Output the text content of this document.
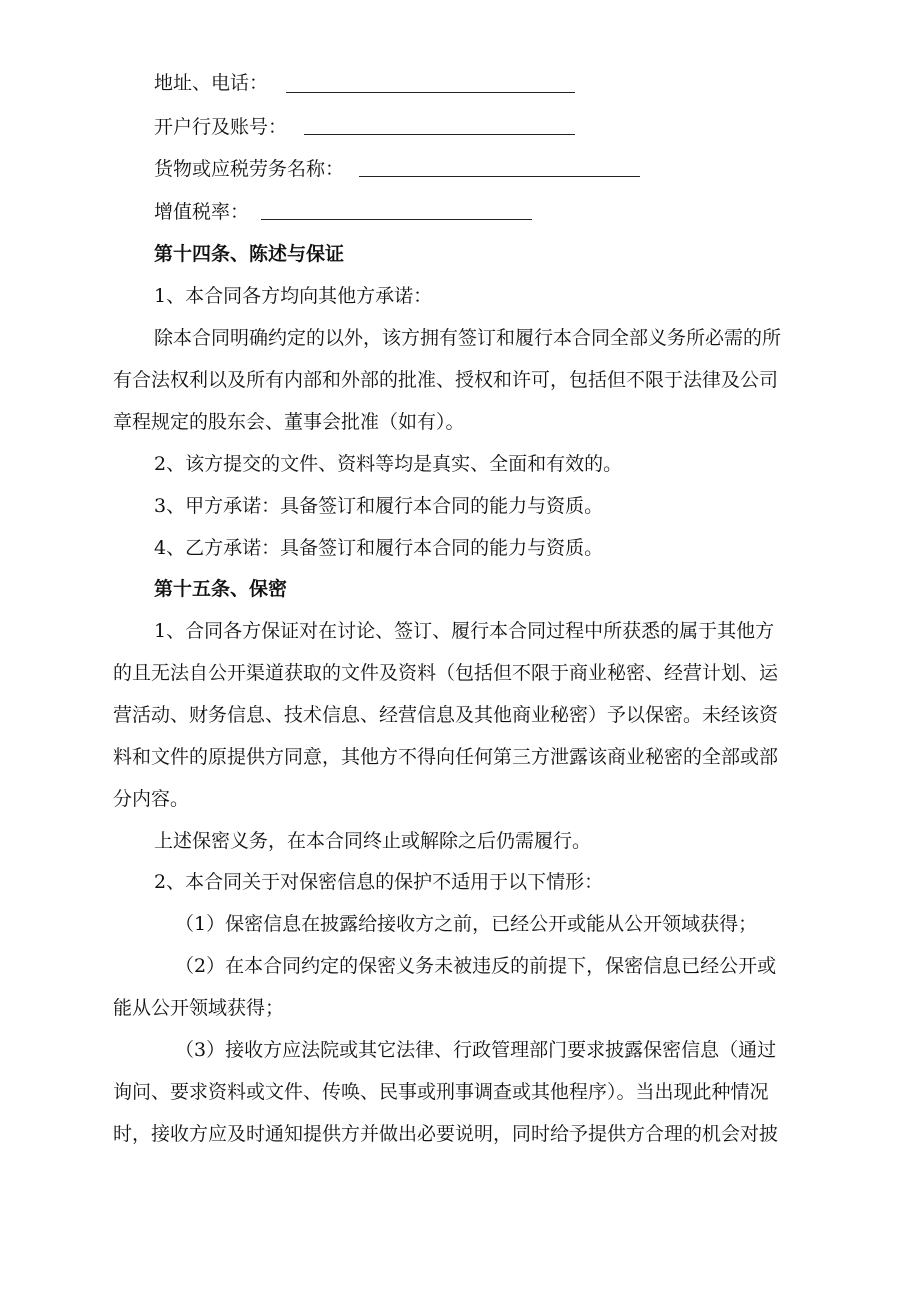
地址、电话：
开户行及账号：
货物或应税劳务名称：
增值税率：
第十四条、陈述与保证
1、本合同各方均向其他方承诺：
除本合同明确约定的以外，该方拥有签订和履行本合同全部义务所必需的所
有合法权利以及所有内部和外部的批准、授权和许可，包括但不限于法律及公司
章程规定的股东会、董事会批准（如有）。
2、该方提交的文件、资料等均是真实、全面和有效的。
3、甲方承诺：具备签订和履行本合同的能力与资质。
4、乙方承诺：具备签订和履行本合同的能力与资质。
第十五条、保密
1、合同各方保证对在讨论、签订、履行本合同过程中所获悉的属于其他方
的且无法自公开渠道获取的文件及资料（包括但不限于商业秘密、经营计划、运
营活动、财务信息、技术信息、经营信息及其他商业秘密）予以保密。未经该资
料和文件的原提供方同意，其他方不得向任何第三方泄露该商业秘密的全部或部
分内容。
上述保密义务，在本合同终止或解除之后仍需履行。
2、本合同关于对保密信息的保护不适用于以下情形：
（1）保密信息在披露给接收方之前，已经公开或能从公开领域获得；
（2）在本合同约定的保密义务未被违反的前提下，保密信息已经公开或
能从公开领域获得；
（3）接收方应法院或其它法律、行政管理部门要求披露保密信息（通过
询问、要求资料或文件、传唤、民事或刑事调查或其他程序）。当出现此种情况
时，接收方应及时通知提供方并做出必要说明，同时给予提供方合理的机会对披
